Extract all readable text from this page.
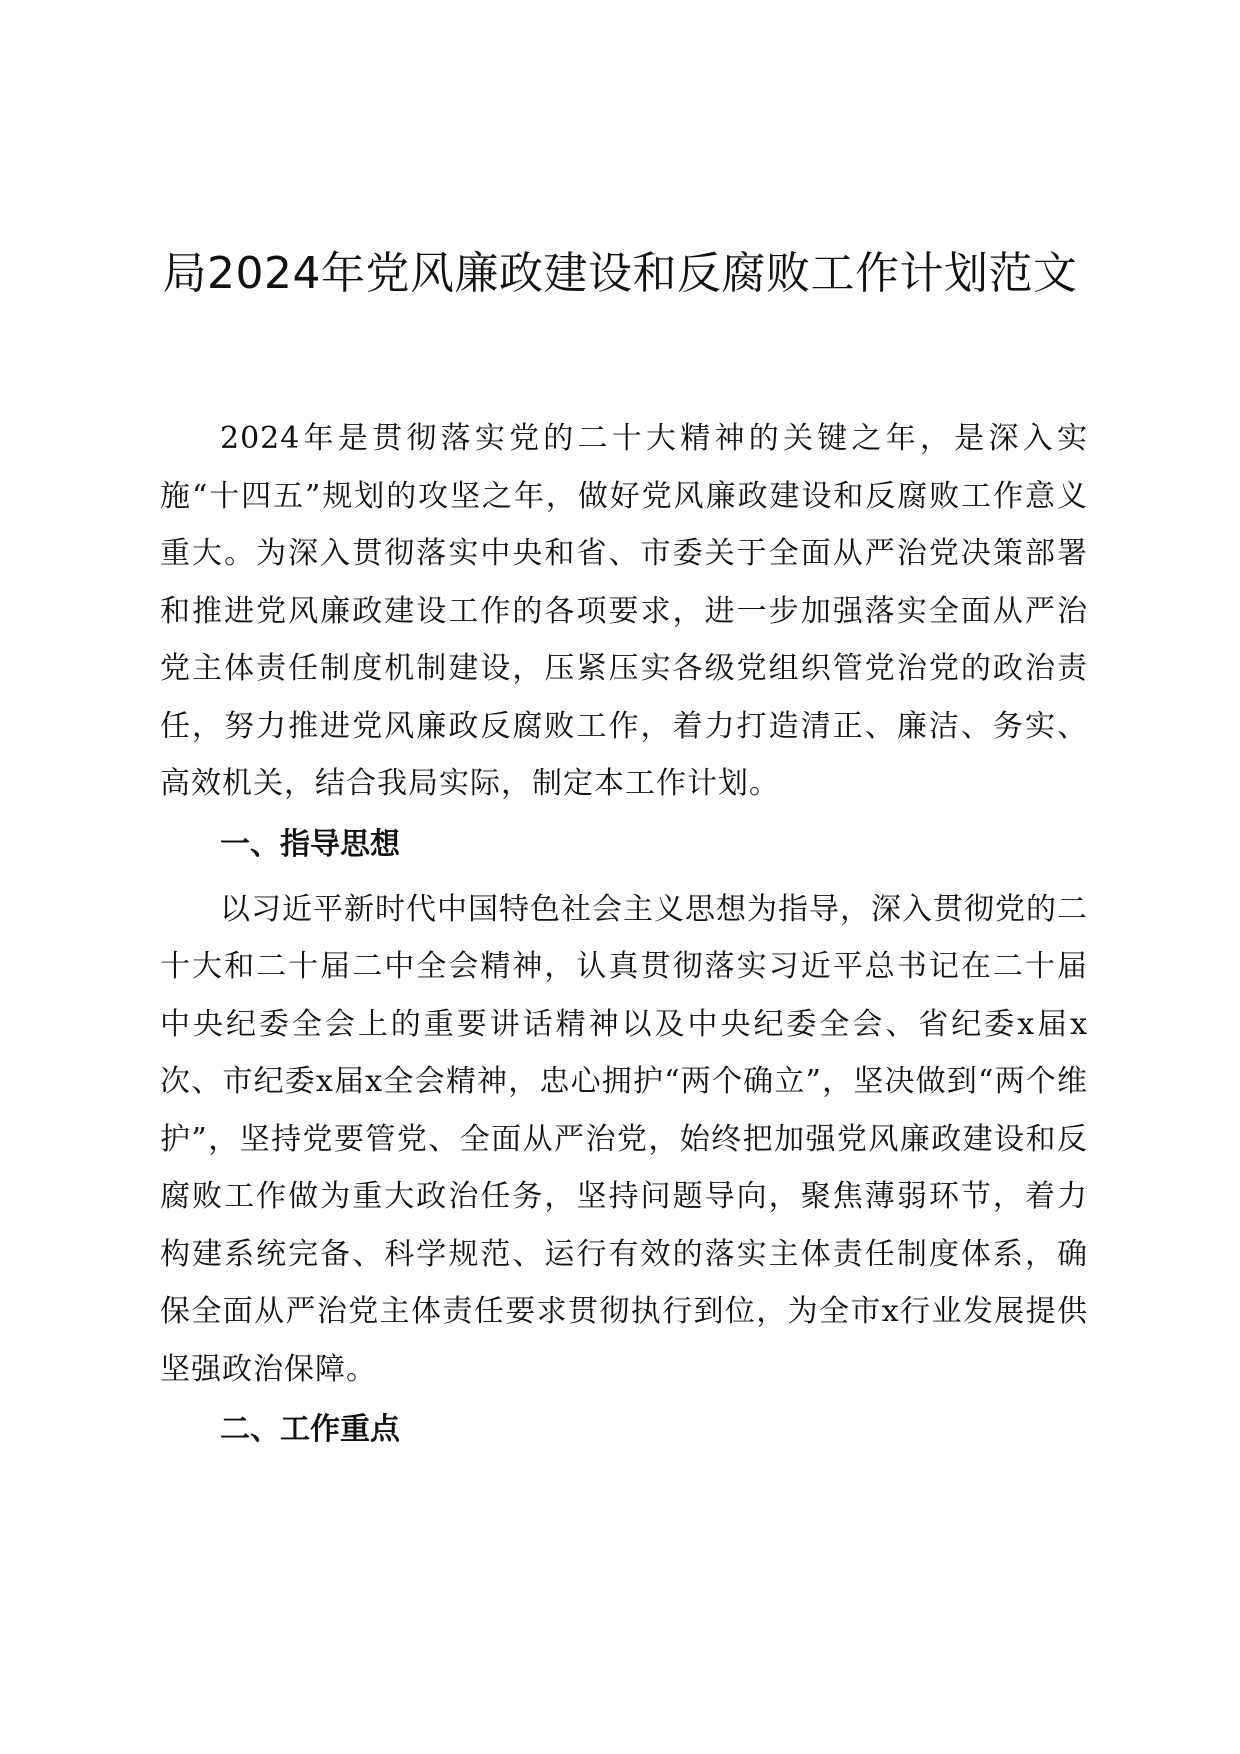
局2024年党风廉政建设和反腐败工作计划范文

2024年是贯彻落实党的二十大精神的关键之年，是深入实施“十四五”规划的攻坚之年，做好党风廉政建设和反腐败工作意义重大。为深入贯彻落实中央和省、市委关于全面从严治党决策部署和推进党风廉政建设工作的各项要求，进一步加强落实全面从严治党主体责任制度机制建设，压紧压实各级党组织管党治党的政治责任，努力推进党风廉政反腐败工作，着力打造清正、廉洁、务实、高效机关，结合我局实际，制定本工作计划。

一、指导思想

以习近平新时代中国特色社会主义思想为指导，深入贯彻党的二十大和二十届二中全会精神，认真贯彻落实习近平总书记在二十届中央纪委全会上的重要讲话精神以及中央纪委全会、省纪委x届x次、市纪委x届x全会精神，忠心拥护“两个确立”，坚决做到“两个维护”，坚持党要管党、全面从严治党，始终把加强党风廉政建设和反腐败工作做为重大政治任务，坚持问题导向，聚焦薄弱环节，着力构建系统完备、科学规范、运行有效的落实主体责任制度体系，确保全面从严治党主体责任要求贯彻执行到位，为全市x行业发展提供坚强政治保障。

二、工作重点
